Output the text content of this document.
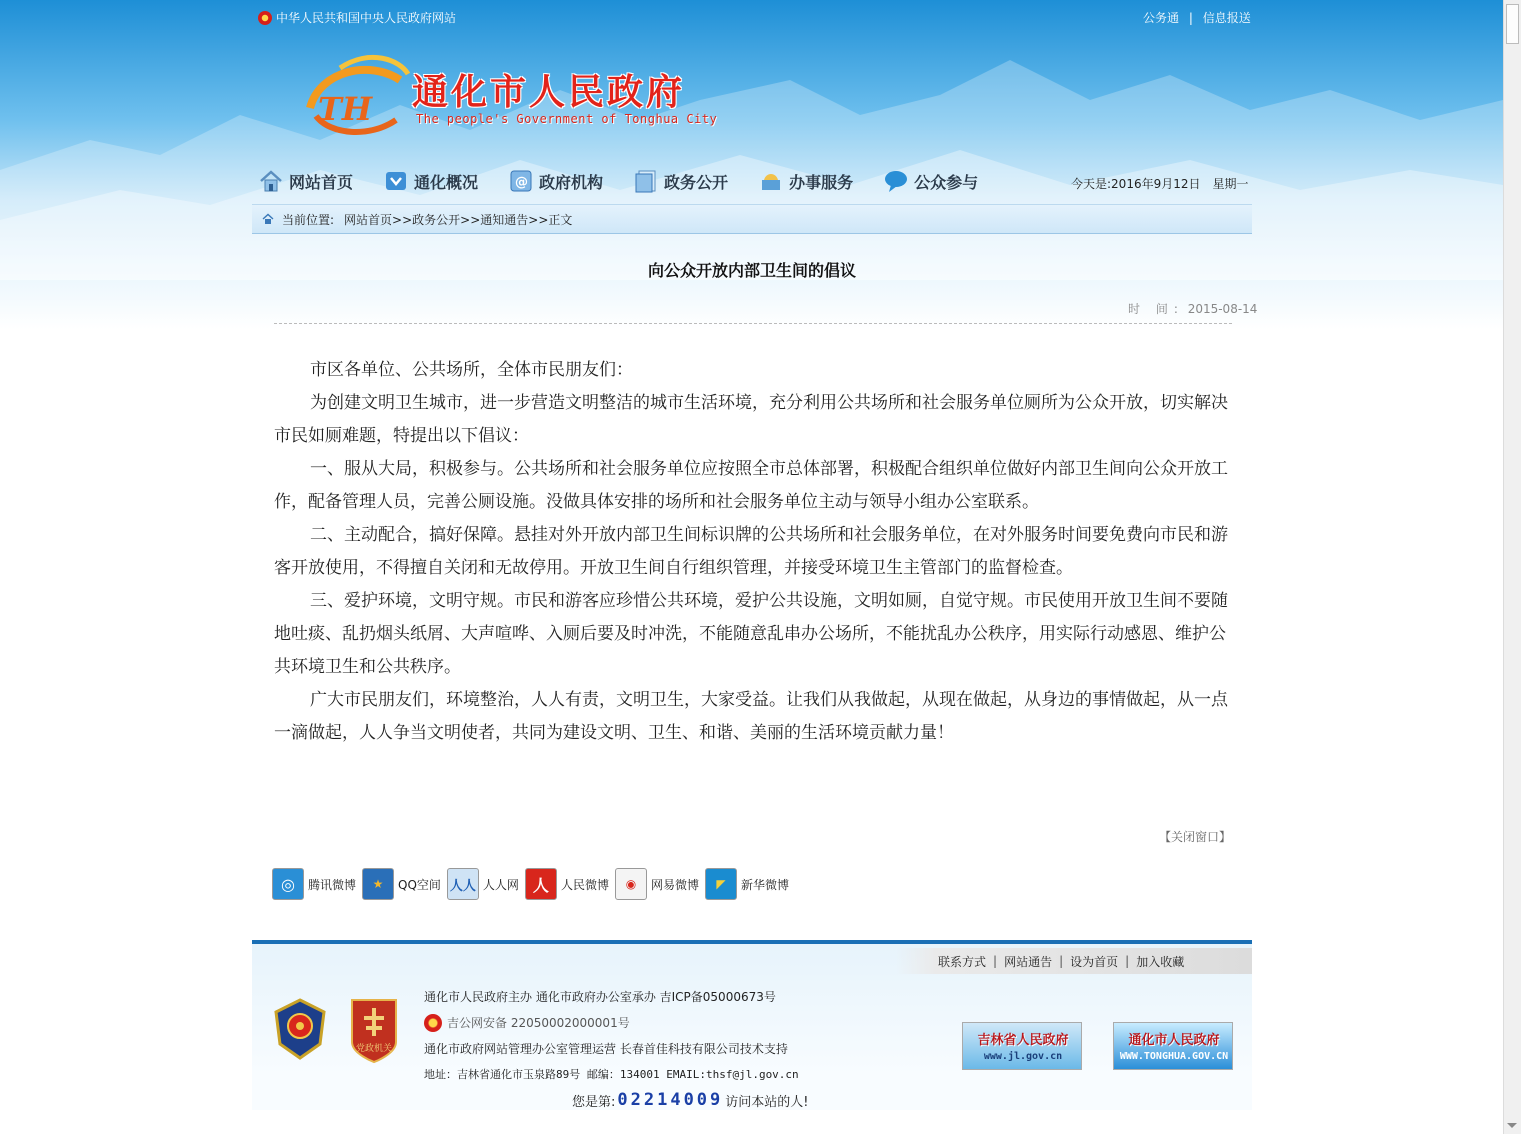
中华人民共和国中央人民政府网站	公务通 | 信息报送
TH 通化市人民政府
The people's Government of Tonghua City
网站首页	通化概况	@ 政府机构	政务公开	办事服务	公众参与	今天是:2016年9月12日　星期一
当前位置: 网站首页>>政务公开>>通知通告>>正文
向公众开放内部卫生间的倡议
时 间: 2015-08-14

市区各单位、公共场所，全体市民朋友们：

为创建文明卫生城市，进一步营造文明整洁的城市生活环境，充分利用公共场所和社会服务单位厕所为公众开放，切实解决市民如厕难题，特提出以下倡议：

一、服从大局，积极参与。公共场所和社会服务单位应按照全市总体部署，积极配合组织单位做好内部卫生间向公众开放工作，配备管理人员，完善公厕设施。没做具体安排的场所和社会服务单位主动与领导小组办公室联系。

二、主动配合，搞好保障。悬挂对外开放内部卫生间标识牌的公共场所和社会服务单位，在对外服务时间要免费向市民和游客开放使用，不得擅自关闭和无故停用。开放卫生间自行组织管理，并接受环境卫生主管部门的监督检查。

三、爱护环境，文明守规。市民和游客应珍惜公共环境，爱护公共设施，文明如厕，自觉守规。市民使用开放卫生间不要随地吐痰、乱扔烟头纸屑、大声喧哗、入厕后要及时冲洗，不能随意乱串办公场所，不能扰乱办公秩序，用实际行动感恩、维护公共环境卫生和公共秩序。

广大市民朋友们，环境整治，人人有责，文明卫生，大家受益。让我们从我做起，从现在做起，从身边的事情做起，从一点一滴做起，人人争当文明使者，共同为建设文明、卫生、和谐、美丽的生活环境贡献力量！

【关闭窗口】
◎	腾讯微博 ★ QQ空间 人人 人人网 人	人民微博 ◉ 网易微博 ◤ 新华微博
联系方式 | 网站通告 | 设为首页 | 加入收藏
党政机关
通化市人民政府主办 通化市政府办公室承办 吉ICP备05000673号
吉公网安备 22050002000001号
通化市政府网站管理办公室管理运营 长春首佳科技有限公司技术支持
地址：吉林省通化市玉泉路89号 邮编：134001 EMAIL:thsf@jl.gov.cn
吉林省人民政府
www.jl.gov.cn
通化市人民政府
WWW.TONGHUA.GOV.CN
您是第: 02214009 访问本站的人!
